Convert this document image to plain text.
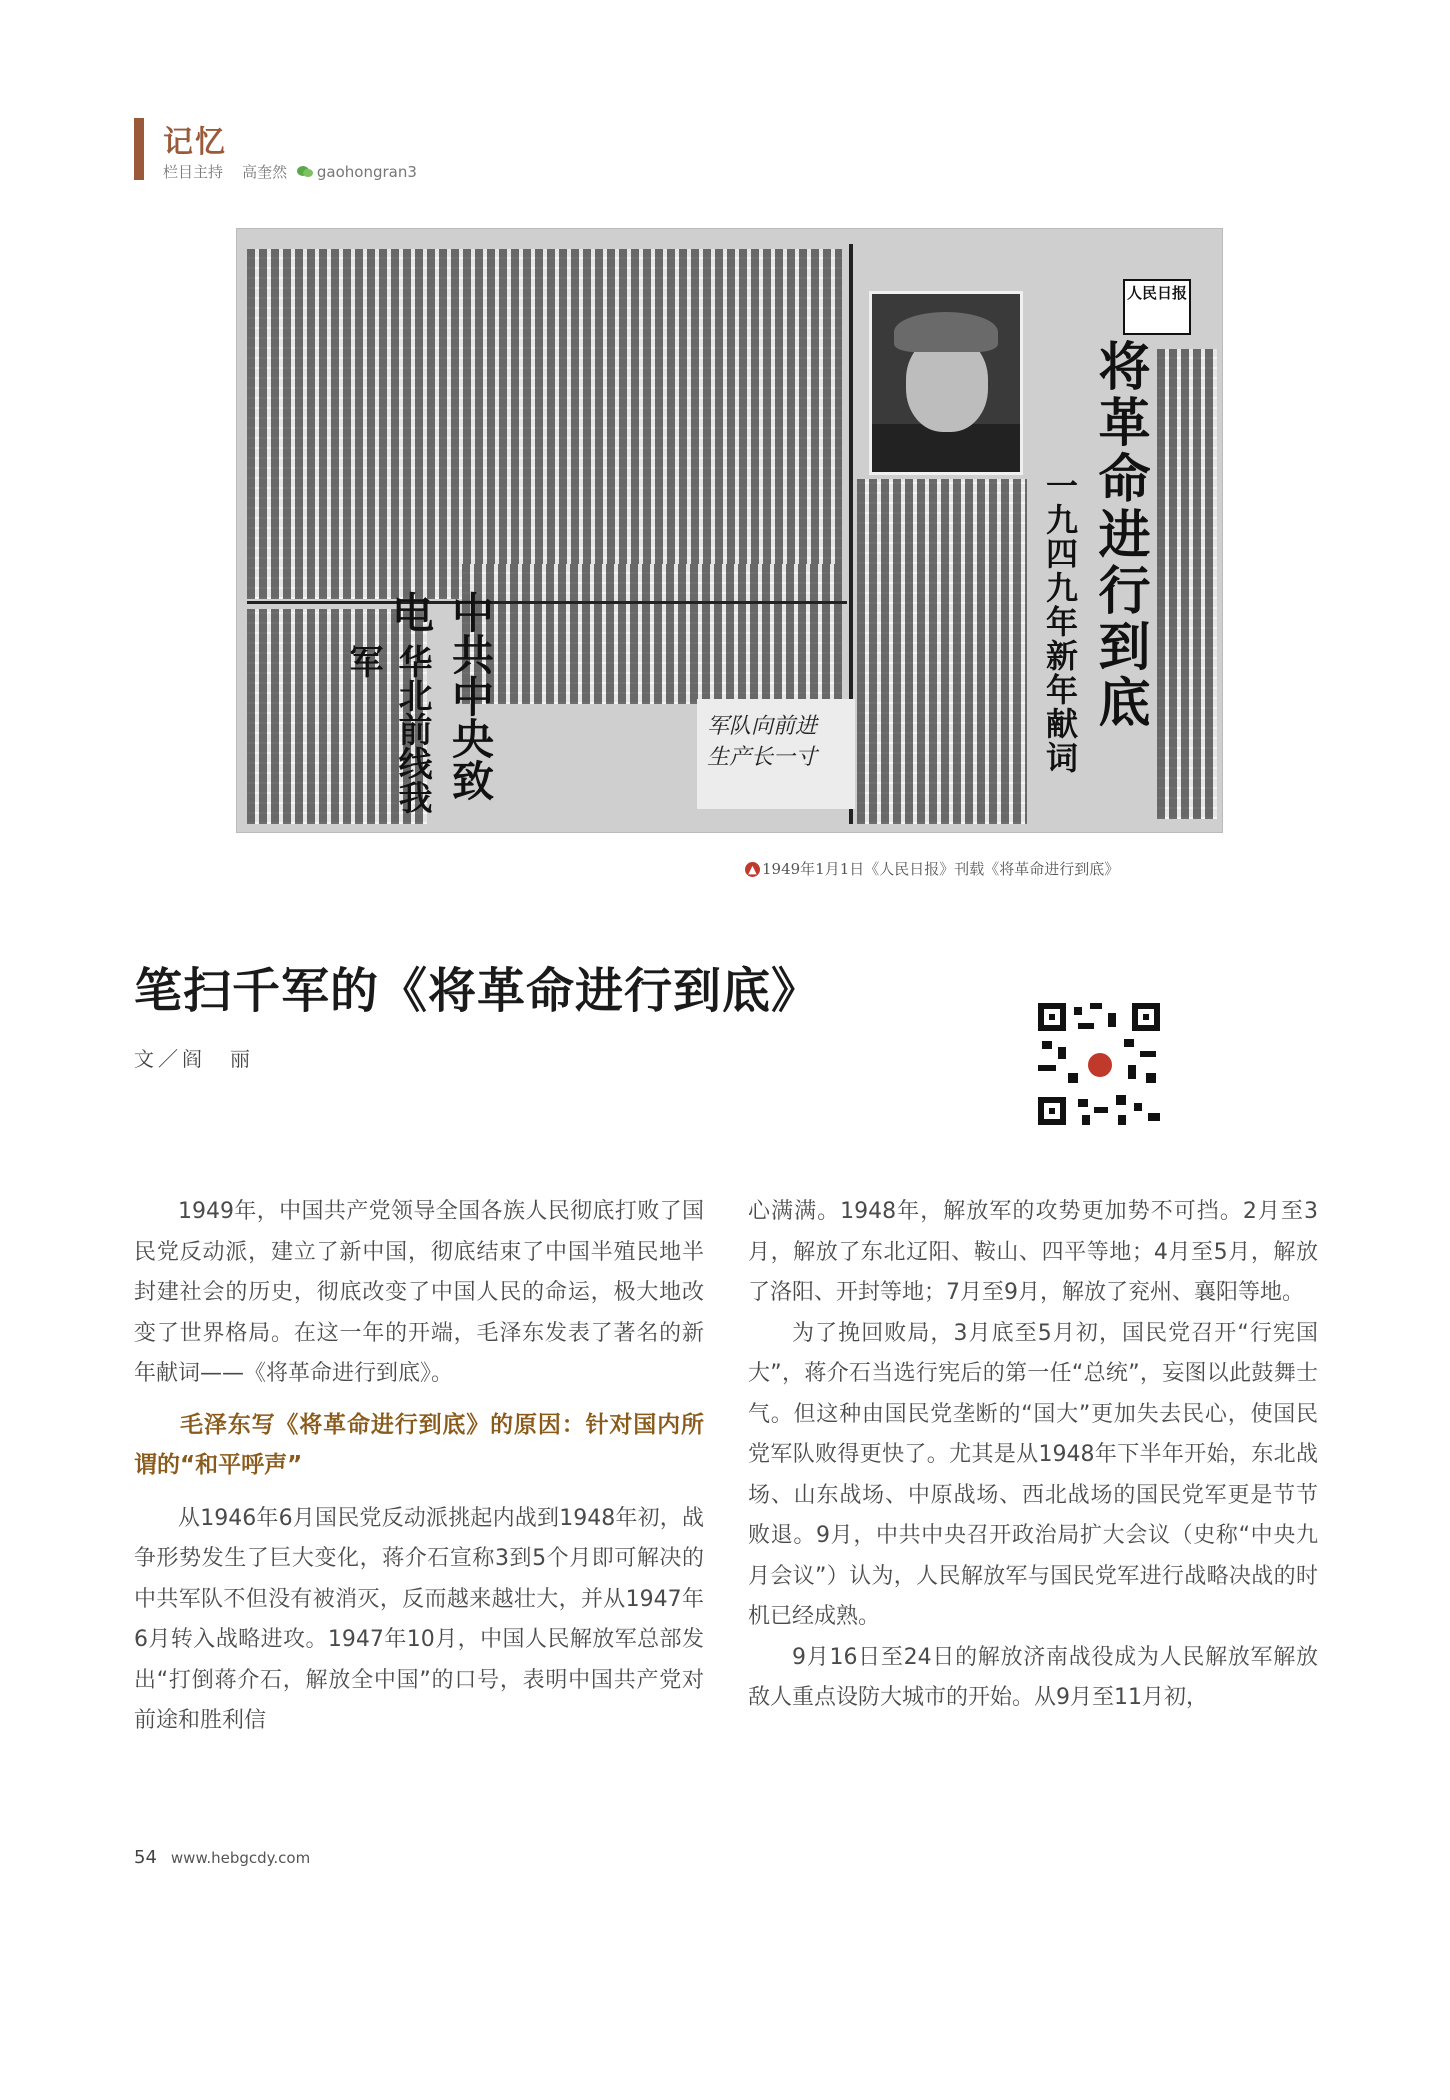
记忆
栏目主持 高奎然 gaohongran3
人民日报
将革命进行到底
一九四九年新年献词
中共中央致电
华北前线我军
军队向前进 生产长一寸
▲ 1949年1月1日《人民日报》刊载《将革命进行到底》
笔扫千军的《将革命进行到底》
文／阎　丽

1949年，中国共产党领导全国各族人民彻底打败了国民党反动派，建立了新中国，彻底结束了中国半殖民地半封建社会的历史，彻底改变了中国人民的命运，极大地改变了世界格局。在这一年的开端，毛泽东发表了著名的新年献词——《将革命进行到底》。

毛泽东写《将革命进行到底》的原因：针对国内所谓的“和平呼声”

从1946年6月国民党反动派挑起内战到1948年初，战争形势发生了巨大变化，蒋介石宣称3到5个月即可解决的中共军队不但没有被消灭，反而越来越壮大，并从1947年6月转入战略进攻。1947年10月，中国人民解放军总部发出“打倒蒋介石，解放全中国”的口号，表明中国共产党对前途和胜利信

心满满。1948年，解放军的攻势更加势不可挡。2月至3月，解放了东北辽阳、鞍山、四平等地；4月至5月，解放了洛阳、开封等地；7月至9月，解放了兖州、襄阳等地。

为了挽回败局，3月底至5月初，国民党召开“行宪国大”，蒋介石当选行宪后的第一任“总统”，妄图以此鼓舞士气。但这种由国民党垄断的“国大”更加失去民心，使国民党军队败得更快了。尤其是从1948年下半年开始，东北战场、山东战场、中原战场、西北战场的国民党军更是节节败退。9月，中共中央召开政治局扩大会议（史称“中央九月会议”）认为，人民解放军与国民党军进行战略决战的时机已经成熟。

9月16日至24日的解放济南战役成为人民解放军解放敌人重点设防大城市的开始。从9月至11月初，

54 www.hebgcdy.com
